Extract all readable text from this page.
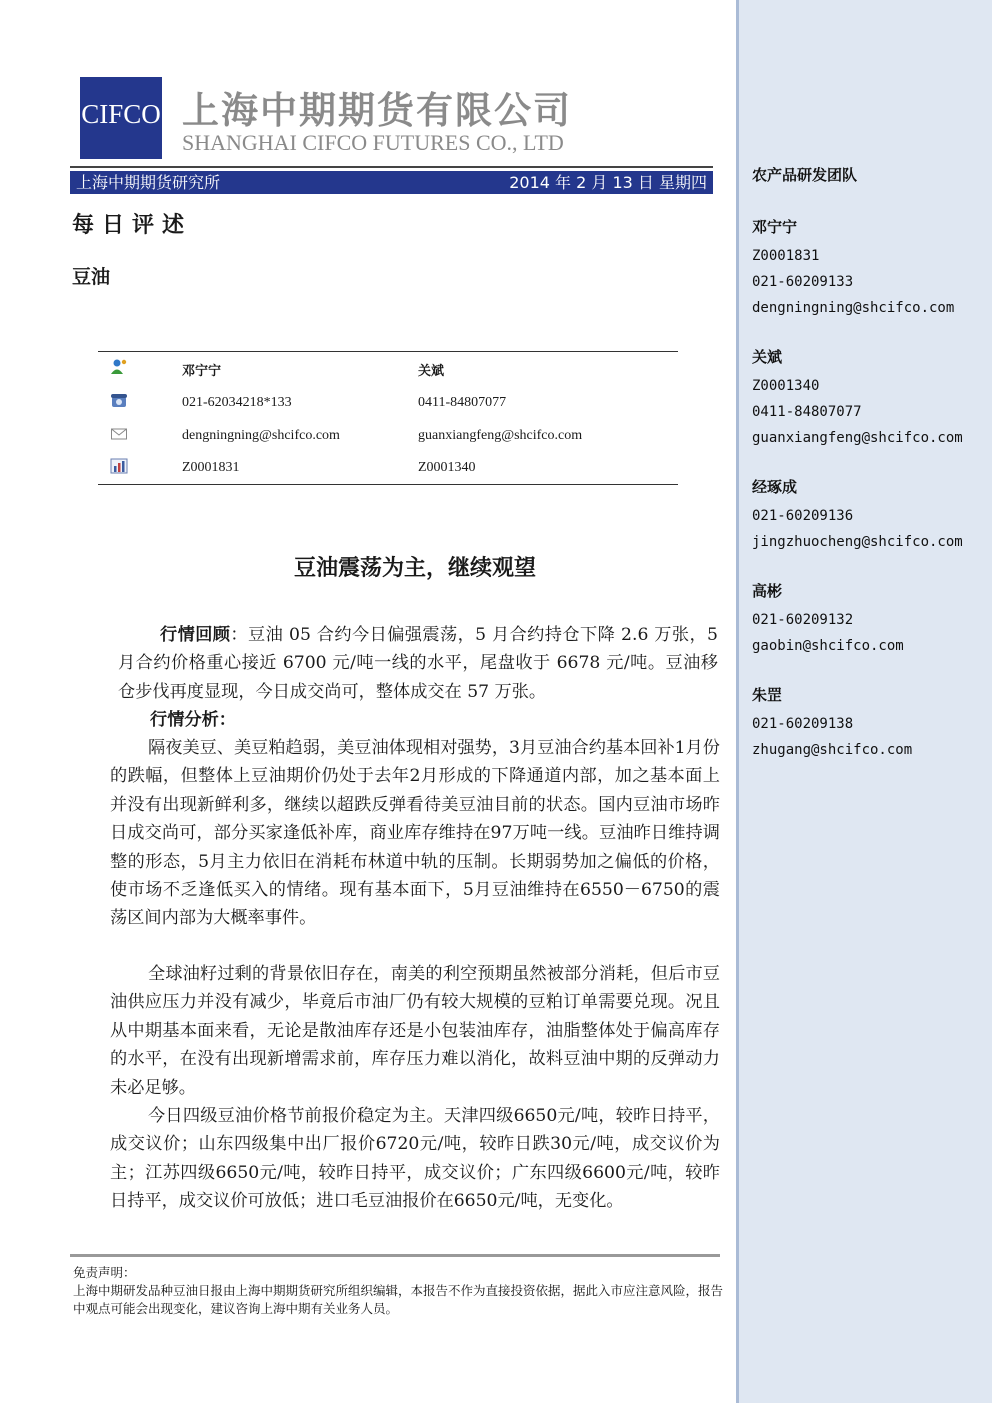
CIFCO 上海中期期货有限公司
SHANGHAI CIFCO FUTURES CO., LTD
上海中期期货研究所	2014 年 2 月 13 日 星期四
每日评述
豆油
邓宁宁	关斌
021-62034218*133	0411-84807077
dengningning@shcifco.com	guanxiangfeng@shcifco.com
Z0001831	Z0001340
豆油震荡为主，继续观望
行情回顾：豆油 05 合约今日偏强震荡，5 月合约持仓下降 2.6 万张，5 月合约价格重心接近 6700 元/吨一线的水平，尾盘收于 6678 元/吨。豆油移仓步伐再度显现，今日成交尚可，整体成交在 57 万张。
行情分析：
隔夜美豆、美豆粕趋弱，美豆油体现相对强势，3月豆油合约基本回补1月份的跌幅，但整体上豆油期价仍处于去年2月形成的下降通道内部，加之基本面上并没有出现新鲜利多，继续以超跌反弹看待美豆油目前的状态。国内豆油市场昨日成交尚可，部分买家逢低补库，商业库存维持在97万吨一线。豆油昨日维持调整的形态，5月主力依旧在消耗布林道中轨的压制。长期弱势加之偏低的价格，使市场不乏逢低买入的情绪。现有基本面下，5月豆油维持在6550－6750的震荡区间内部为大概率事件。
全球油籽过剩的背景依旧存在，南美的利空预期虽然被部分消耗，但后市豆油供应压力并没有减少，毕竟后市油厂仍有较大规模的豆粕订单需要兑现。况且从中期基本面来看，无论是散油库存还是小包装油库存，油脂整体处于偏高库存的水平，在没有出现新增需求前，库存压力难以消化，故料豆油中期的反弹动力未必足够。
今日四级豆油价格节前报价稳定为主。天津四级6650元/吨，较昨日持平，成交议价；山东四级集中出厂报价6720元/吨，较昨日跌30元/吨，成交议价为主；江苏四级6650元/吨，较昨日持平，成交议价；广东四级6600元/吨，较昨日持平，成交议价可放低；进口毛豆油报价在6650元/吨，无变化。
免责声明：
上海中期研发品种豆油日报由上海中期期货研究所组织编辑，本报告不作为直接投资依据，据此入市应注意风险，报告中观点可能会出现变化，建议咨询上海中期有关业务人员。
农产品研发团队
邓宁宁
Z0001831
021-60209133
dengningning@shcifco.com
关斌
Z0001340
0411-84807077
guanxiangfeng@shcifco.com
经琢成
021-60209136
jingzhuocheng@shcifco.com
高彬
021-60209132
gaobin@shcifco.com
朱罡
021-60209138
zhugang@shcifco.com
